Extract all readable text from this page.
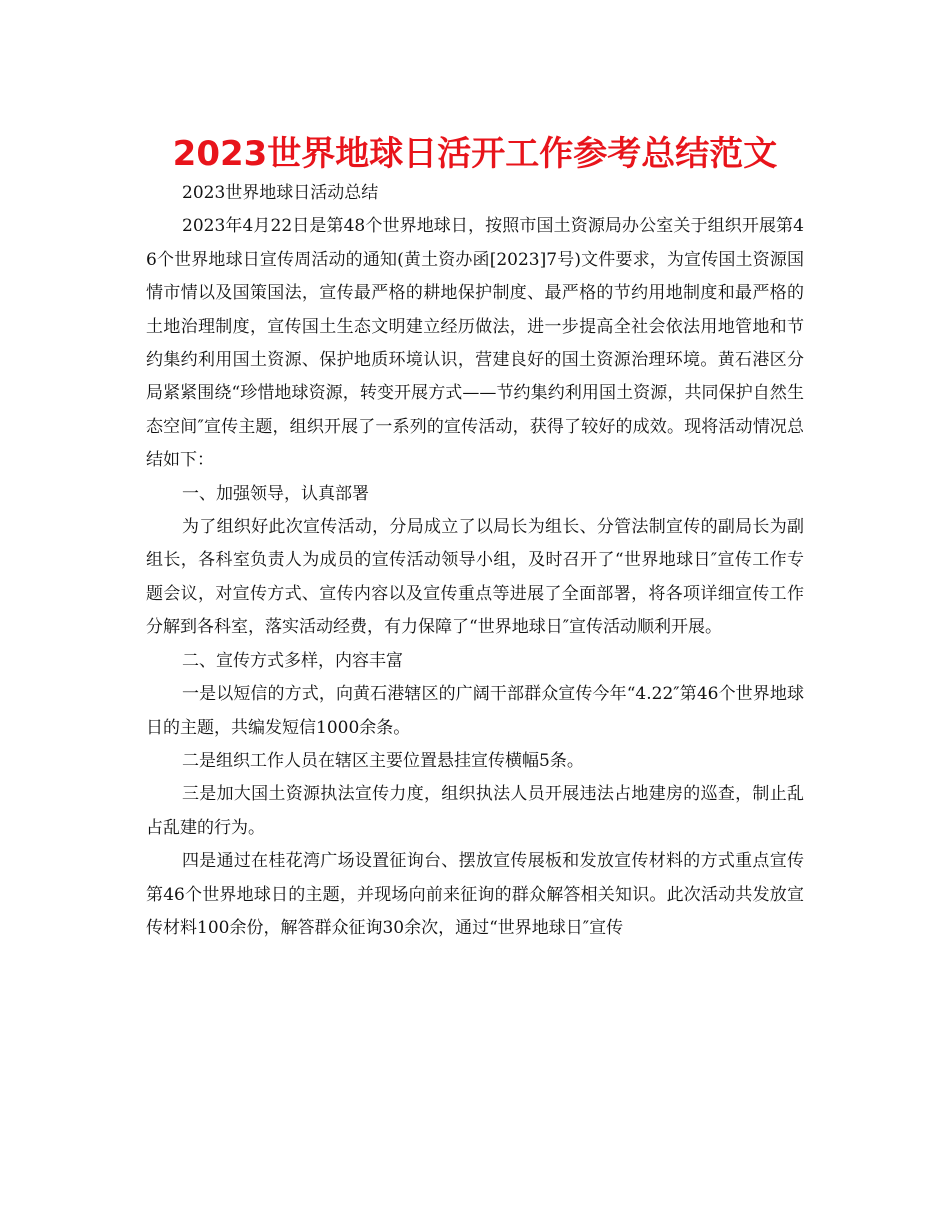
2023世界地球日活开工作参考总结范文

2023世界地球日活动总结

2023年4月22日是第48个世界地球日，按照市国土资源局办公室关于组织开展第46个世界地球日宣传周活动的通知(黄土资办函[2023]7号)文件要求，为宣传国土资源国情市情以及国策国法，宣传最严格的耕地保护制度、最严格的节约用地制度和最严格的土地治理制度，宣传国土生态文明建立经历做法，进一步提高全社会依法用地管地和节约集约利用国土资源、保护地质环境认识，营建良好的国土资源治理环境。黄石港区分局紧紧围绕“珍惜地球资源，转变开展方式——节约集约利用国土资源，共同保护自然生态空间″宣传主题，组织开展了一系列的宣传活动，获得了较好的成效。现将活动情况总结如下：

一、加强领导，认真部署

为了组织好此次宣传活动，分局成立了以局长为组长、分管法制宣传的副局长为副组长，各科室负责人为成员的宣传活动领导小组，及时召开了“世界地球日″宣传工作专题会议，对宣传方式、宣传内容以及宣传重点等进展了全面部署，将各项详细宣传工作分解到各科室，落实活动经费，有力保障了“世界地球日″宣传活动顺利开展。

二、宣传方式多样，内容丰富

一是以短信的方式，向黄石港辖区的广阔干部群众宣传今年“4.22″第46个世界地球日的主题，共编发短信1000余条。

二是组织工作人员在辖区主要位置悬挂宣传横幅5条。

三是加大国土资源执法宣传力度，组织执法人员开展违法占地建房的巡查，制止乱占乱建的行为。

四是通过在桂花湾广场设置征询台、摆放宣传展板和发放宣传材料的方式重点宣传第46个世界地球日的主题，并现场向前来征询的群众解答相关知识。此次活动共发放宣传材料100余份，解答群众征询30余次，通过“世界地球日″宣传
